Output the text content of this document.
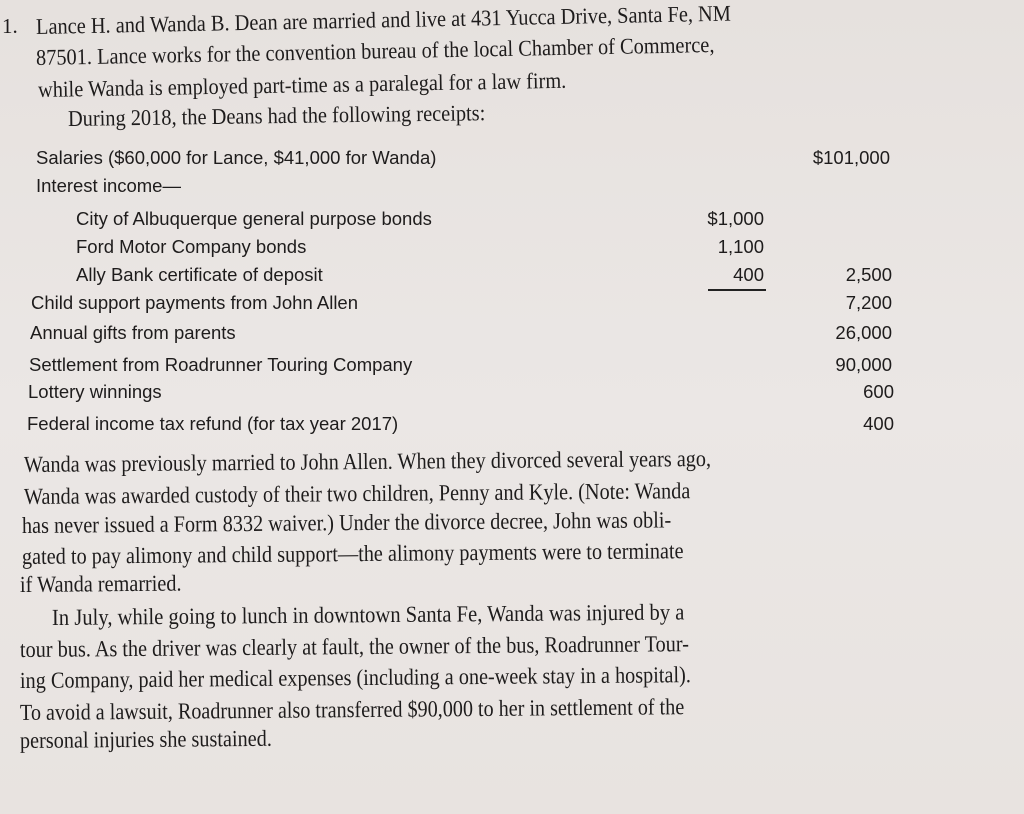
1. Lance H. and Wanda B. Dean are married and live at 431 Yucca Drive, Santa Fe, NM
87501. Lance works for the convention bureau of the local Chamber of Commerce,
while Wanda is employed part-time as a paralegal for a law firm.
During 2018, the Deans had the following receipts:
Salaries ($60,000 for Lance, $41,000 for Wanda)	$101,000
Interest income—
City of Albuquerque general purpose bonds	$1,000
Ford Motor Company bonds	1,100
Ally Bank certificate of deposit	400	2,500
Child support payments from John Allen	7,200
Annual gifts from parents	26,000
Settlement from Roadrunner Touring Company	90,000
Lottery winnings	600
Federal income tax refund (for tax year 2017)	400
Wanda was previously married to John Allen. When they divorced several years ago,
Wanda was awarded custody of their two children, Penny and Kyle. (Note: Wanda
has never issued a Form 8332 waiver.) Under the divorce decree, John was obli-
gated to pay alimony and child support—the alimony payments were to terminate
if Wanda remarried.
In July, while going to lunch in downtown Santa Fe, Wanda was injured by a
tour bus. As the driver was clearly at fault, the owner of the bus, Roadrunner Tour-
ing Company, paid her medical expenses (including a one-week stay in a hospital).
To avoid a lawsuit, Roadrunner also transferred $90,000 to her in settlement of the
personal injuries she sustained.
